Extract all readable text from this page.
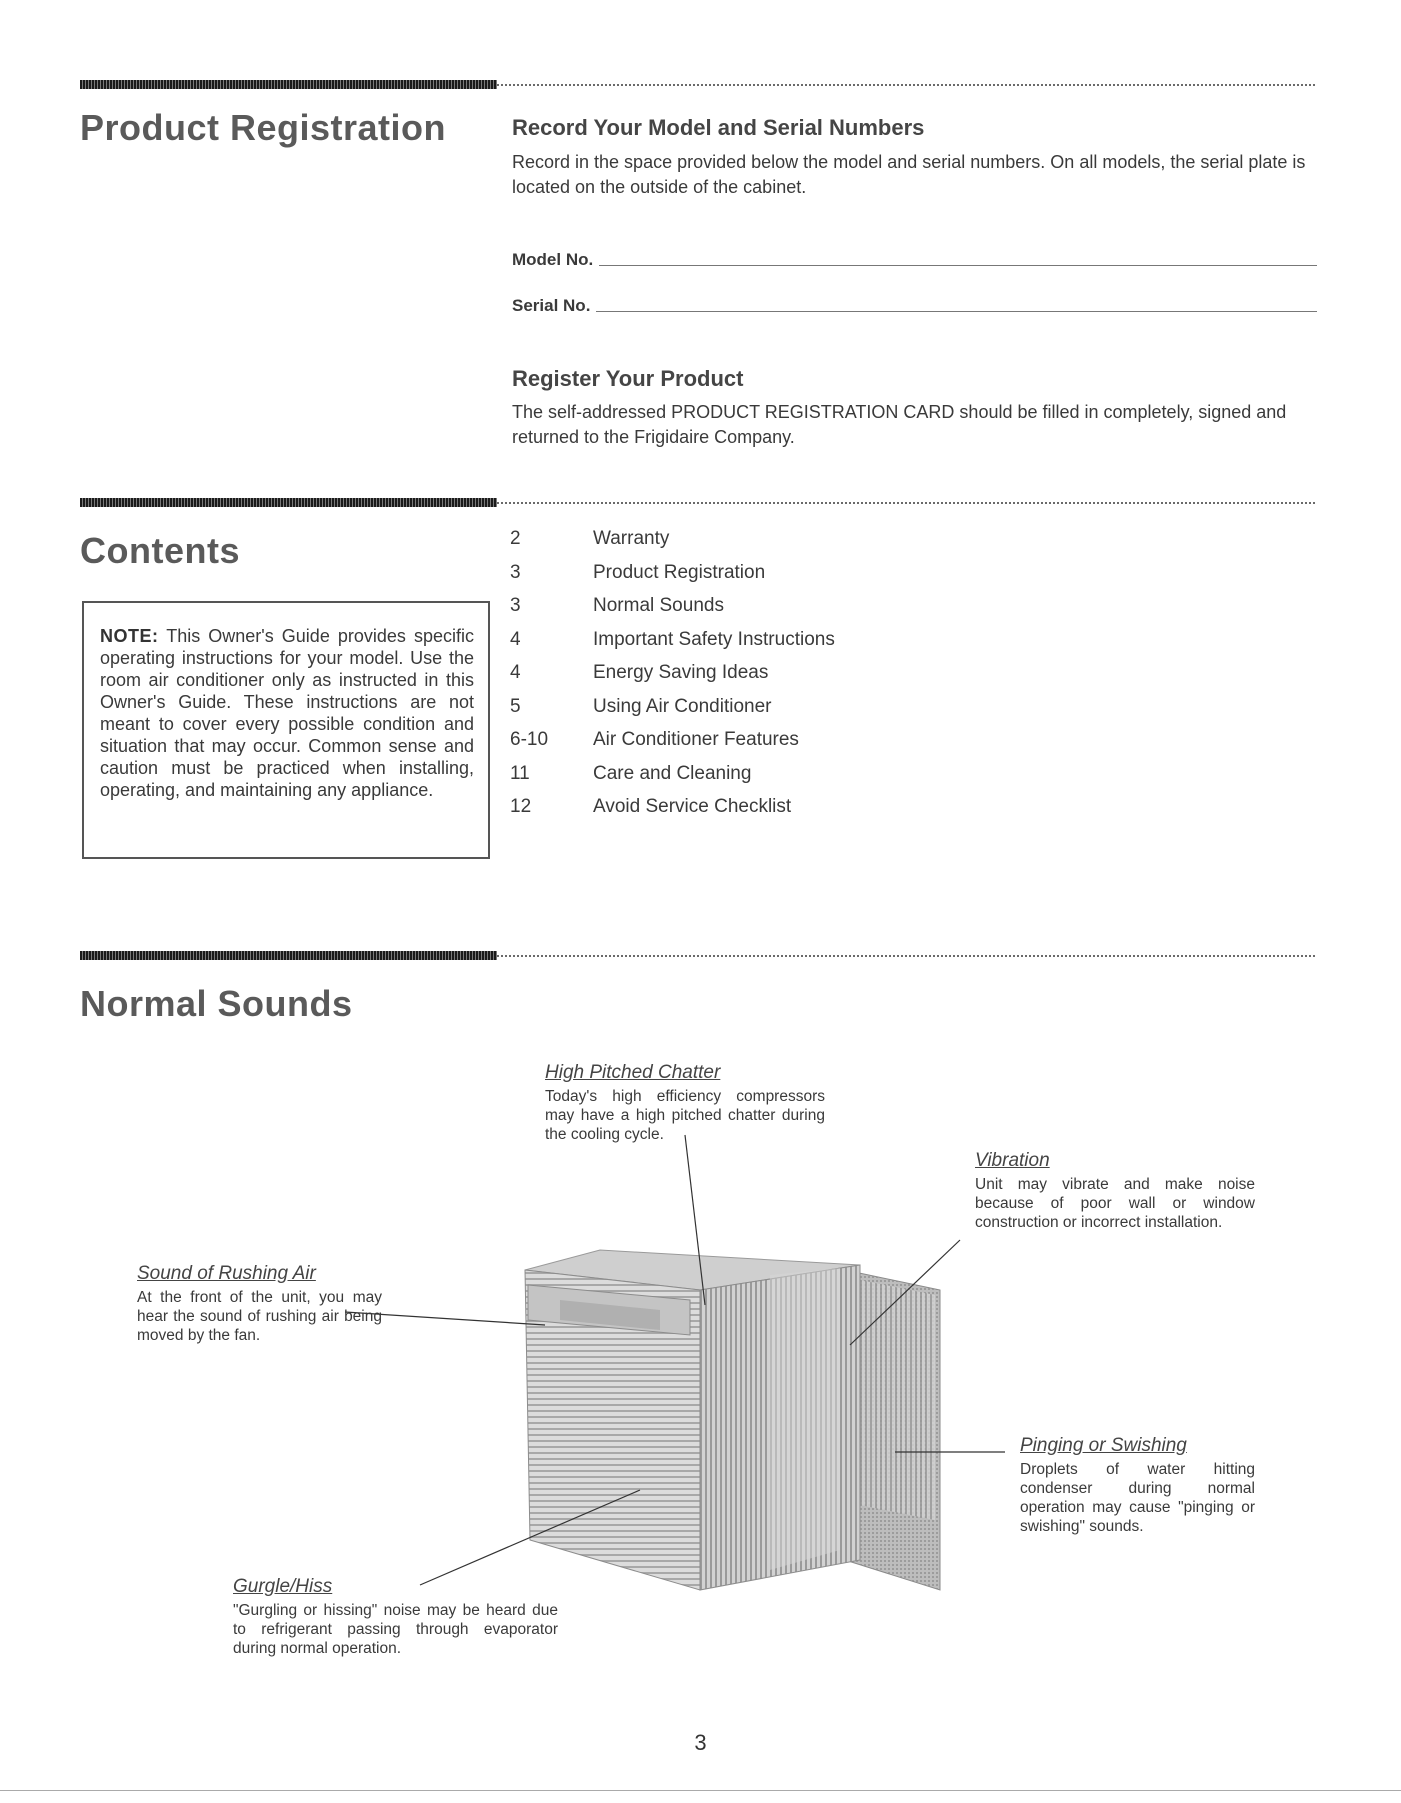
Product Registration	Record Your Model and Serial Numbers
Record in the space provided below the model and serial numbers. On all models, the serial plate is located on the outside of the cabinet.
Model No.
Serial No.
Register Your Product
The self-addressed PRODUCT REGISTRATION CARD should be filled in completely, signed and returned to the Frigidaire Company.
Contents
NOTE: This Owner's Guide provides specific operating instructions for your model. Use the room air conditioner only as instructed in this Owner's Guide. These instructions are not meant to cover every possible condition and situation that may occur. Common sense and caution must be practiced when installing, operating, and maintaining any appliance.
2	Warranty
3	Product Registration
3	Normal Sounds
4	Important Safety Instructions
4	Energy Saving Ideas
5	Using Air Conditioner
6-10	Air Conditioner Features
11	Care and Cleaning
12	Avoid Service Checklist
Normal Sounds
High Pitched Chatter
Today's high efficiency compressors may have a high pitched chatter during the cooling cycle.
Vibration
Unit may vibrate and make noise because of poor wall or window construction or incorrect installation.
Sound of Rushing Air
At the front of the unit, you may hear the sound of rushing air being moved by the fan.
Pinging or Swishing
Droplets of water hitting condenser during normal operation may cause "pinging or swishing" sounds.
Gurgle/Hiss
"Gurgling or hissing" noise may be heard due to refrigerant passing through evaporator during normal operation.
3
